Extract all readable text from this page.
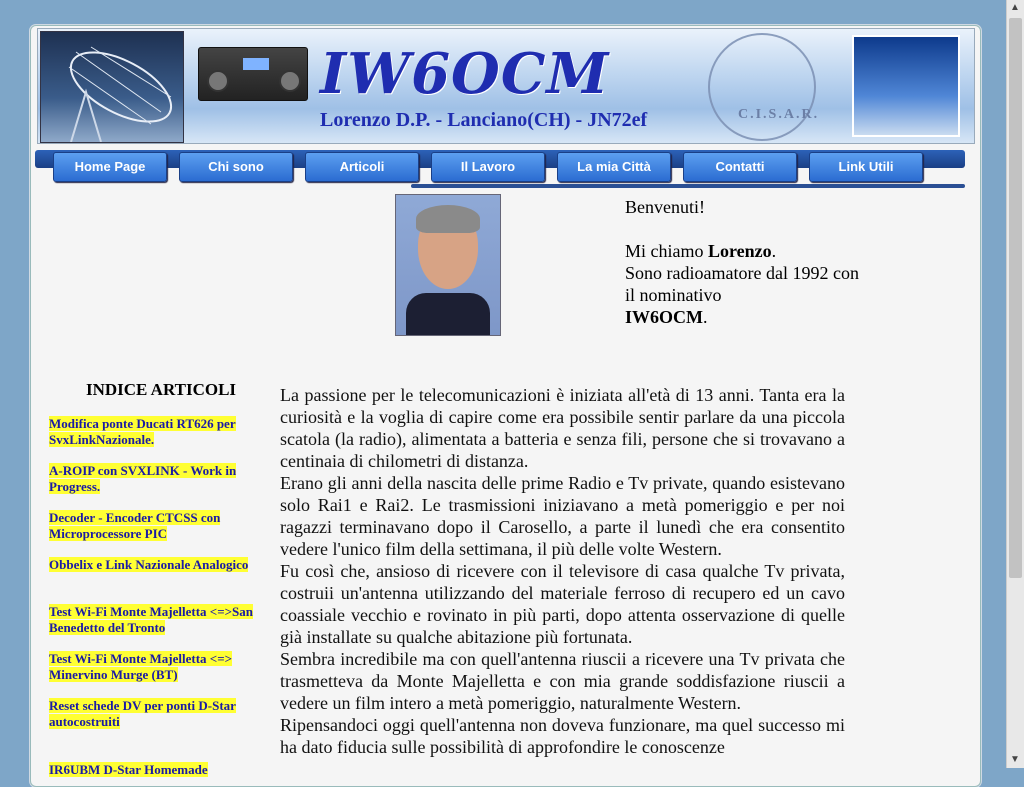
IW6OCM
Lorenzo D.P. - Lanciano(CH) - JN72ef	C.I.S.A.R.
Home Page	Chi sono	Articoli	Il Lavoro	La mia Città	Contatti	Link Utili
Benvenuti!
Mi chiamo Lorenzo.
Sono radioamatore dal 1992 con il nominativo
IW6OCM.
INDICE ARTICOLI
Modifica ponte Ducati RT626 per SvxLinkNazionale.
A-ROIP con SVXLINK - Work in Progress.
Decoder - Encoder CTCSS con Microprocessore PIC
Obbelix e Link Nazionale Analogico
Test Wi-Fi Monte Majelletta <=>San Benedetto del Tronto
Test Wi-Fi Monte Majelletta <=> Minervino Murge (BT)
Reset schede DV per ponti D-Star autocostruiti
IR6UBM D-Star Homemade

La passione per le telecomunicazioni è iniziata all'età di 13 anni. Tanta era la curiosità e la voglia di capire come era possibile sentir parlare da una piccola scatola (la radio), alimentata a batteria e senza fili, persone che si trovavano a centinaia di chilometri di distanza.

Erano gli anni della nascita delle prime Radio e Tv private, quando esistevano solo Rai1 e Rai2. Le trasmissioni iniziavano a metà pomeriggio e per noi ragazzi terminavano dopo il Carosello, a parte il lunedì che era consentito vedere l'unico film della settimana, il più delle volte Western.

Fu così che, ansioso di ricevere con il televisore di casa qualche Tv privata, costruii un'antenna utilizzando del materiale ferroso di recupero ed un cavo coassiale vecchio e rovinato in più parti, dopo attenta osservazione di quelle già installate su qualche abitazione più fortunata.

Sembra incredibile ma con quell'antenna riuscii a ricevere una Tv privata che trasmetteva da Monte Majelletta e con mia grande soddisfazione riuscii a vedere un film intero a metà pomeriggio, naturalmente Western.

Ripensandoci oggi quell'antenna non doveva funzionare, ma quel successo mi ha dato fiducia sulle possibilità di approfondire le conoscenze

▲
▼
